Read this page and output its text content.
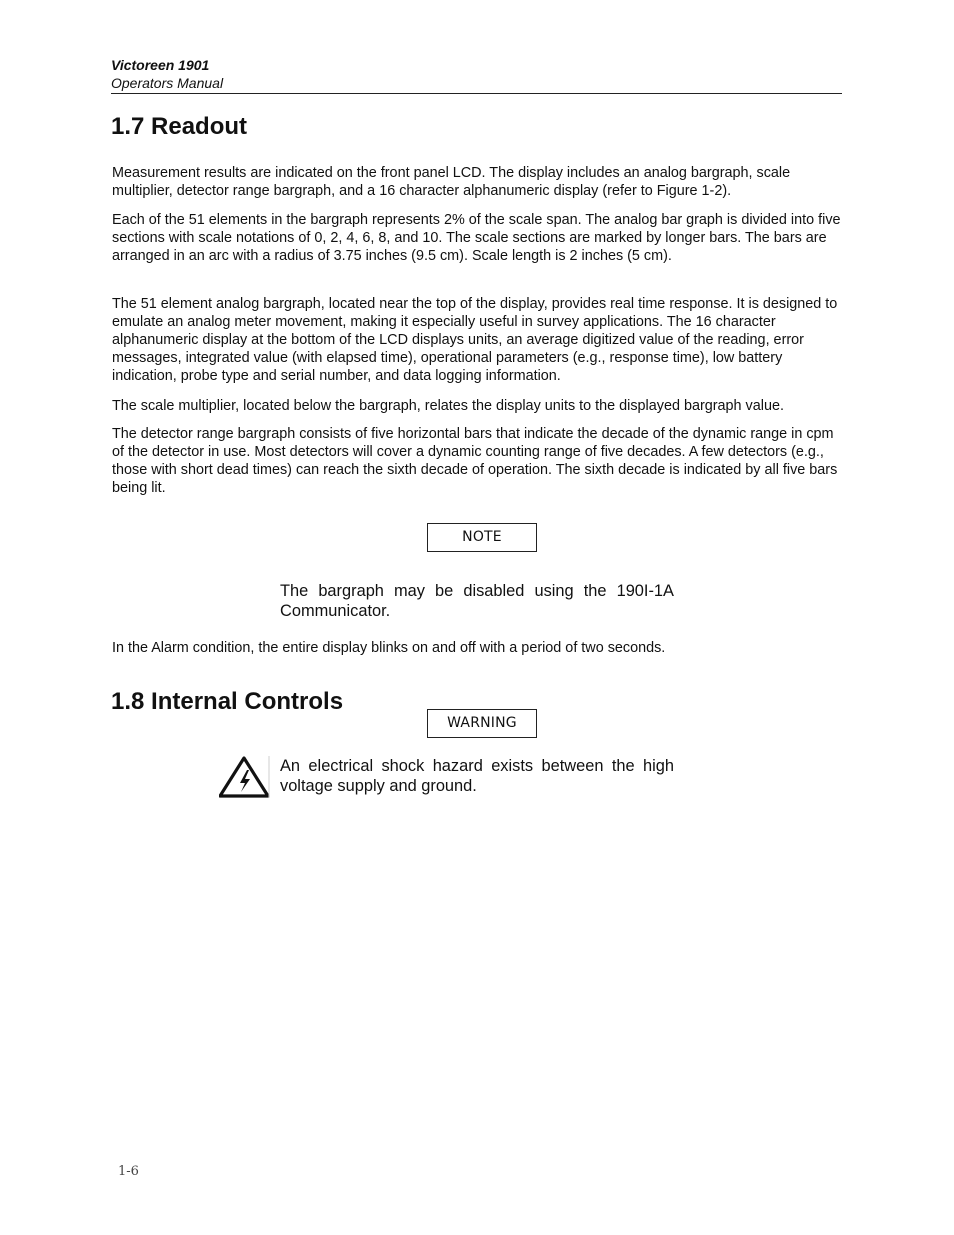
Victoreen 1901
Operators Manual
1.7 Readout

Measurement results are indicated on the front panel LCD. The display includes an analog bargraph, scale multiplier, detector range bargraph, and a 16 character alphanumeric display (refer to Figure 1-2).

Each of the 51 elements in the bargraph represents 2% of the scale span. The analog bar graph is divided into five sections with scale notations of 0, 2, 4, 6, 8, and 10. The scale sections are marked by longer bars. The bars are arranged in an arc with a radius of 3.75 inches (9.5 cm). Scale length is 2 inches (5 cm).

The 51 element analog bargraph, located near the top of the display, provides real time response. It is designed to emulate an analog meter movement, making it especially useful in survey applications. The 16 character alphanumeric display at the bottom of the LCD displays units, an average digitized value of the reading, error messages, integrated value (with elapsed time), operational parameters (e.g., response time), low battery indication, probe type and serial number, and data logging information.

The scale multiplier, located below the bargraph, relates the display units to the displayed bargraph value.

The detector range bargraph consists of five horizontal bars that indicate the decade of the dynamic range in cpm of the detector in use. Most detectors will cover a dynamic counting range of five decades. A few detectors (e.g., those with short dead times) can reach the sixth decade of operation. The sixth decade is indicated by all five bars being lit.

NOTE

The bargraph may be disabled using the 190I-1A Communicator.

In the Alarm condition, the entire display blinks on and off with a period of two seconds.

1.8 Internal Controls
WARNING

An electrical shock hazard exists between the high voltage supply and ground.

1-6
